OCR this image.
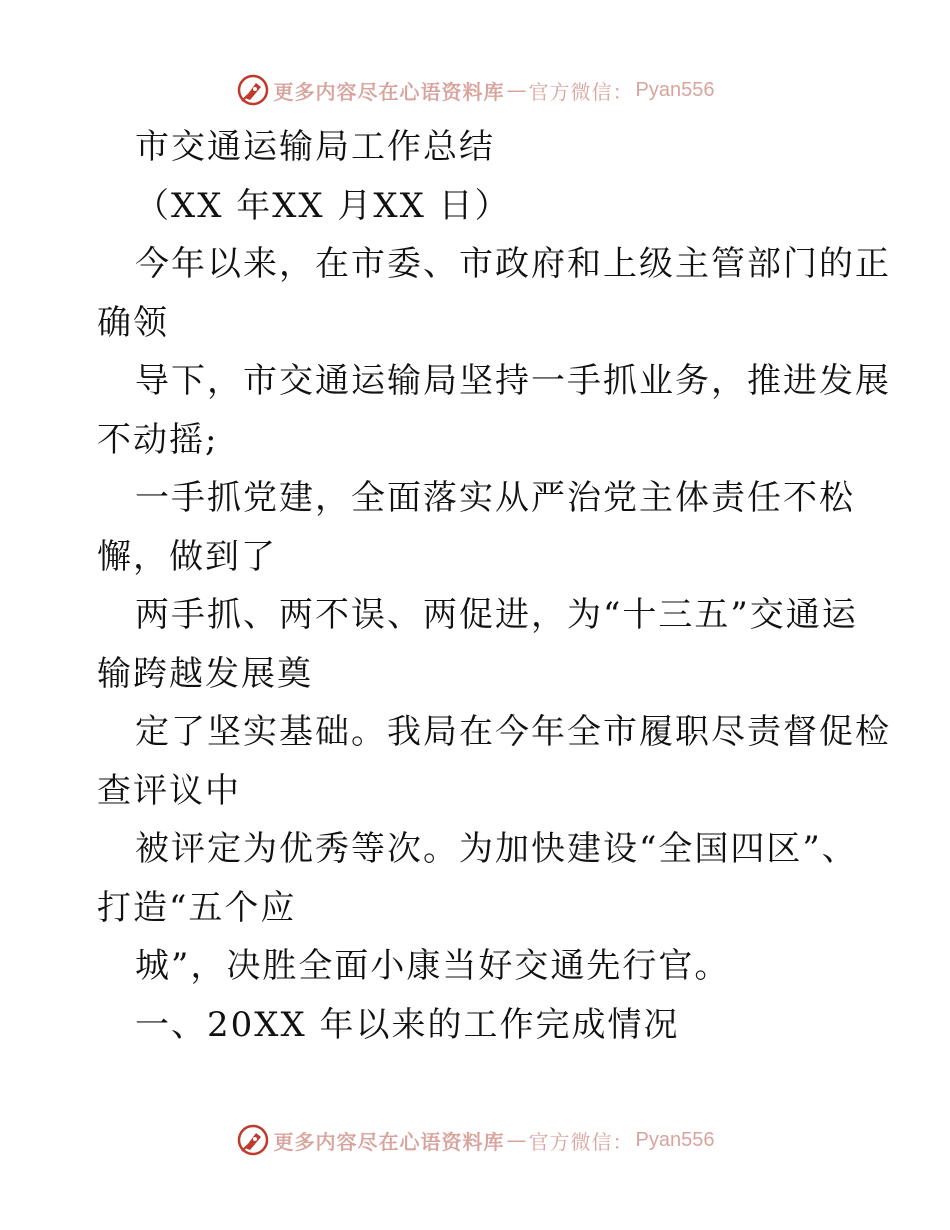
更多内容尽在心语资料库 — 官方微信： Pyan556
市交通运输局工作总结
（XX 年XX 月XX 日）
今年以来，在市委、市政府和上级主管部门的正
确领
导下，市交通运输局坚持一手抓业务，推进发展
不动摇;
一手抓党建，全面落实从严治党主体责任不松
懈，做到了
两手抓、两不误、两促进，为“十三五”交通运
输跨越发展奠
定了坚实基础。我局在今年全市履职尽责督促检
查评议中
被评定为优秀等次。为加快建设“全国四区”、
打造“五个应
城”，决胜全面小康当好交通先行官。
一、20XX 年以来的工作完成情况
更多内容尽在心语资料库 — 官方微信： Pyan556
